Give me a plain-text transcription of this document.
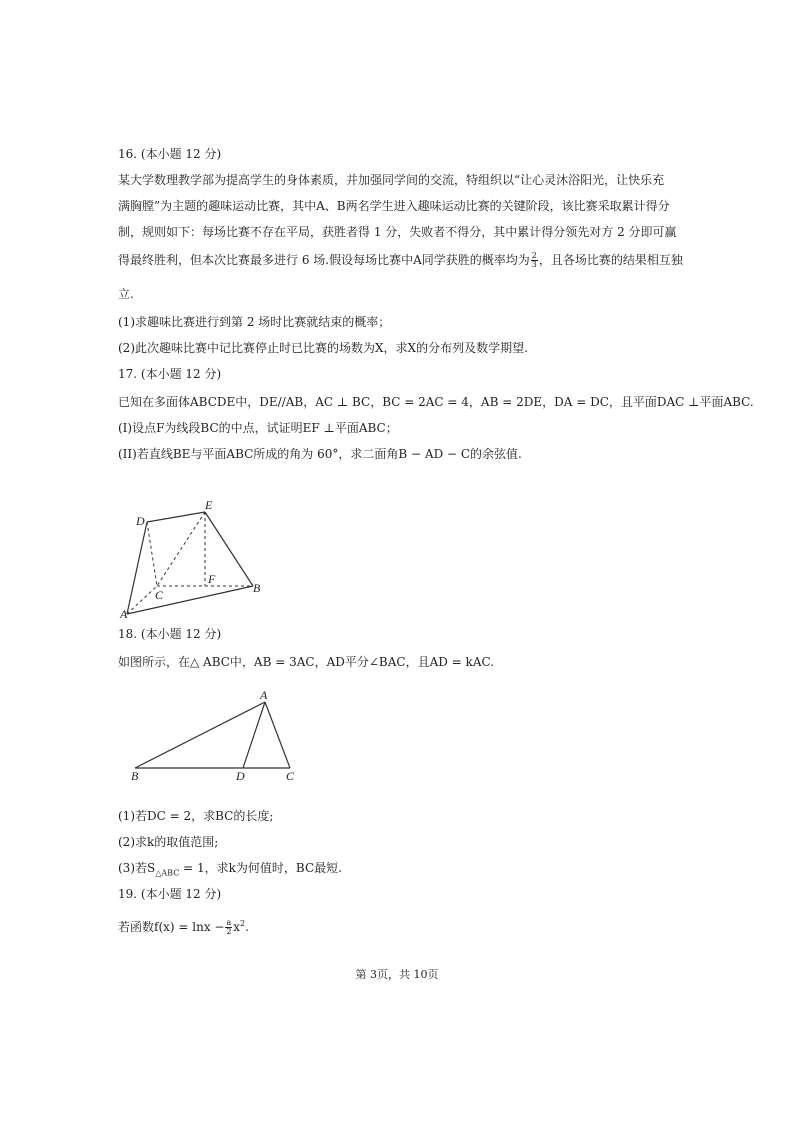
16. (本小题 12 分)
某大学数理教学部为提高学生的身体素质，并加强同学间的交流，特组织以“让心灵沐浴阳光，让快乐充
满胸膛”为主题的趣味运动比赛，其中A、B两名学生进入趣味运动比赛的关键阶段，该比赛采取累计得分
制，规则如下：每场比赛不存在平局，获胜者得 1 分，失败者不得分，其中累计得分领先对方 2 分即可赢
得最终胜利，但本次比赛最多进行 6 场.假设每场比赛中A同学获胜的概率均为 $\frac{2}{3}$ ，且各场比赛的结果相互独
立.
(1)求趣味比赛进行到第 2 场时比赛就结束的概率；
(2)此次趣味比赛中记比赛停止时已比赛的场数为X，求X的分布列及数学期望.
17. (本小题 12 分)
已知在多面体ABCDE中，DE//AB，AC ⊥ BC，BC = 2AC = 4，AB = 2DE，DA = DC，且平面DAC ⊥平面ABC.
(I)设点F为线段BC的中点，试证明EF ⊥平面ABC；
(II)若直线BE与平面ABC所成的角为 60°，求二面角B − AD − C的余弦值.
D
E
F
C	B
A
18. (本小题 12 分)
如图所示，在△ ABC中，AB = 3AC，AD平分∠BAC，且AD = kAC.
A
B	D	C
(1)若DC = 2，求BC的长度;
(2)求k的取值范围;
(3)若$S_{\triangle ABC} = 1$，求k为何值时，BC最短.
19. (本小题 12 分)
若函数$f(x) = \ln x - \frac{a}{2} x^2$.
第 3页，共 10页
